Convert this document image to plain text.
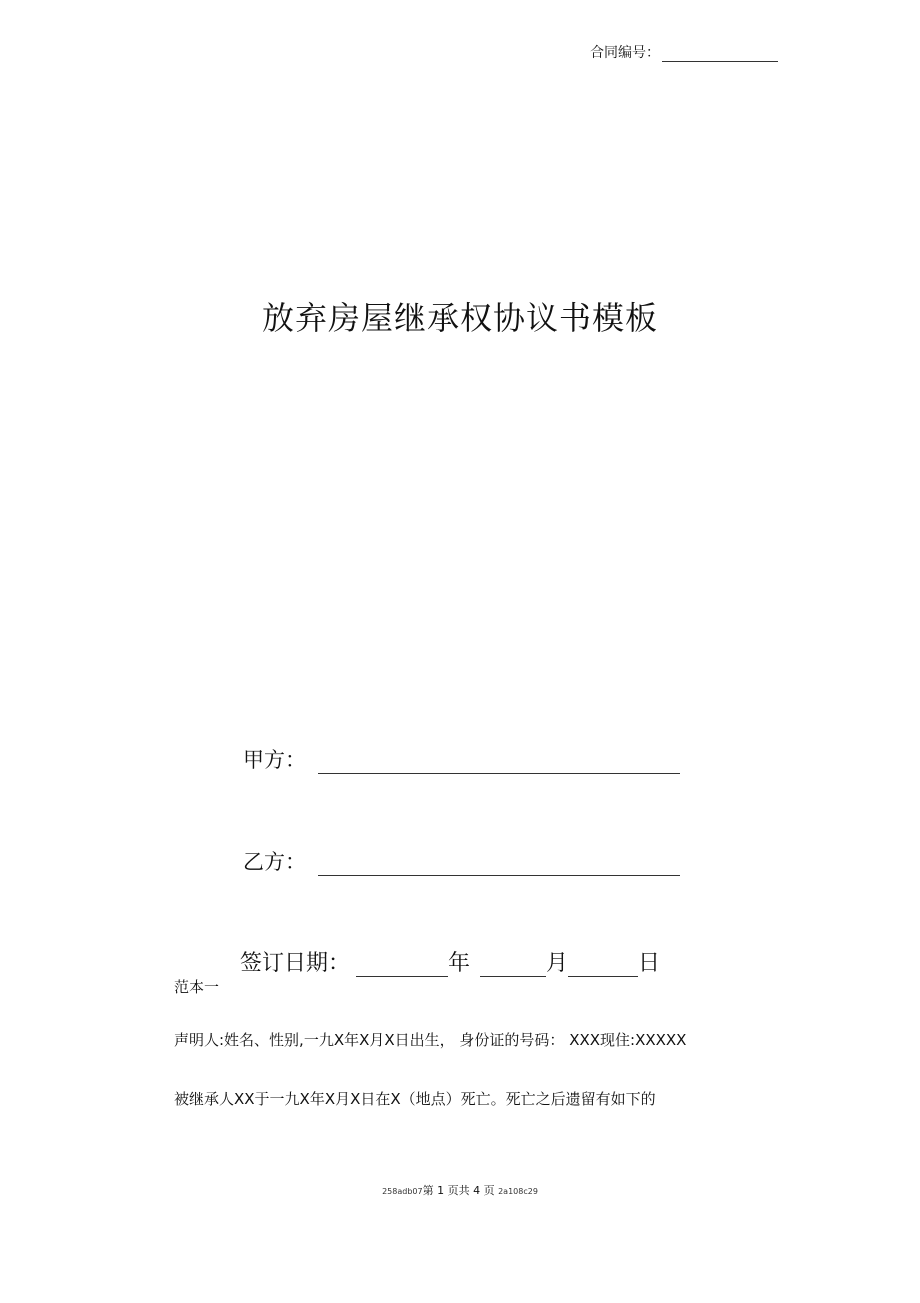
合同编号：
放弃房屋继承权协议书模板
甲方：
乙方：
签订日期：	年	月	日
范本一
声明人:姓名、性别,一九X年X月X日出生， 身份证的号码： XXX现住:XXXXX
被继承人XX于一九X年X月X日在X（地点）死亡。死亡之后遗留有如下的
258adb07第 1 页共 4 页 2a108c29
